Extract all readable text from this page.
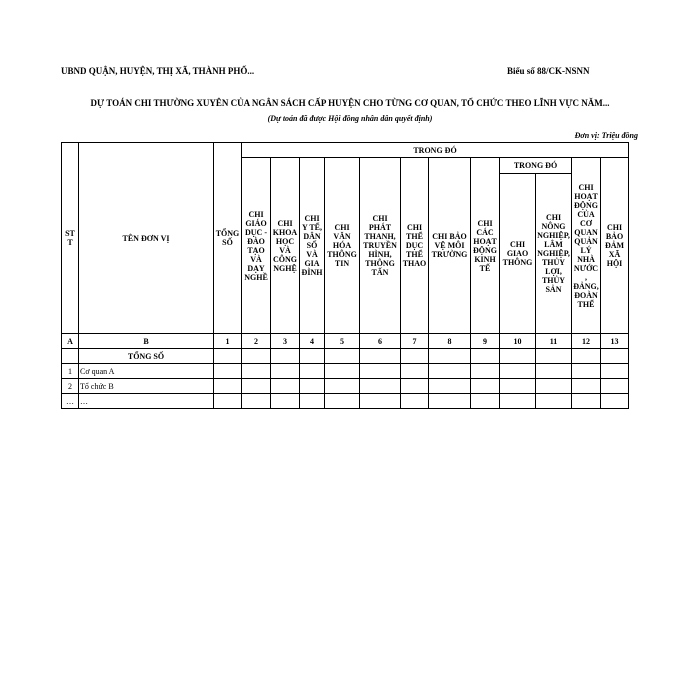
UBND QUẬN, HUYỆN, THỊ XÃ, THÀNH PHỐ...	Biểu số 88/CK-NSNN
DỰ TOÁN CHI THƯỜNG XUYÊN CỦA NGÂN SÁCH CẤP HUYỆN CHO TỪNG CƠ QUAN, TỔ CHỨC THEO LĨNH VỰC NĂM...
(Dự toán đã được Hội đồng nhân dân quyết định)
Đơn vị: Triệu đồng
STT	TÊN ĐƠN VỊ	TỔNG SỐ	TRONG ĐÓ											
			CHI GIÁO DỤC - ĐÀO TẠO VÀ DẠY NGHỀ	CHI KHOA HỌC VÀ CÔNG NGHỆ	CHI Y TẾ, DÂN SỐ VÀ GIA ĐÌNH	CHI VĂN HÓA THÔNG TIN	CHI PHÁT THANH, TRUYỀN HÌNH, THÔNG TẤN	CHI THỂ DỤC THỂ THAO	CHI BẢO VỆ MÔI TRƯỜNG	CHI CÁC HOẠT ĐỘNG KINH TẾ	TRONG ĐÓ		CHI HOẠT ĐỘNG CỦA CƠ QUAN QUẢN LÝ NHÀ NƯỚC, ĐẢNG, ĐOÀN THỂ	CHI BẢO ĐẢM XÃ HỘI
											CHI GIAO THÔNG	CHI NÔNG NGHIỆP, LÂM NGHIỆP, THỦY LỢI, THỦY SẢN		
A	B	1	2	3	4	5	6	7	8	9	10	11	12	13
	TỔNG SỐ													
1	Cơ quan A													
2	Tổ chức B													
…	…													
